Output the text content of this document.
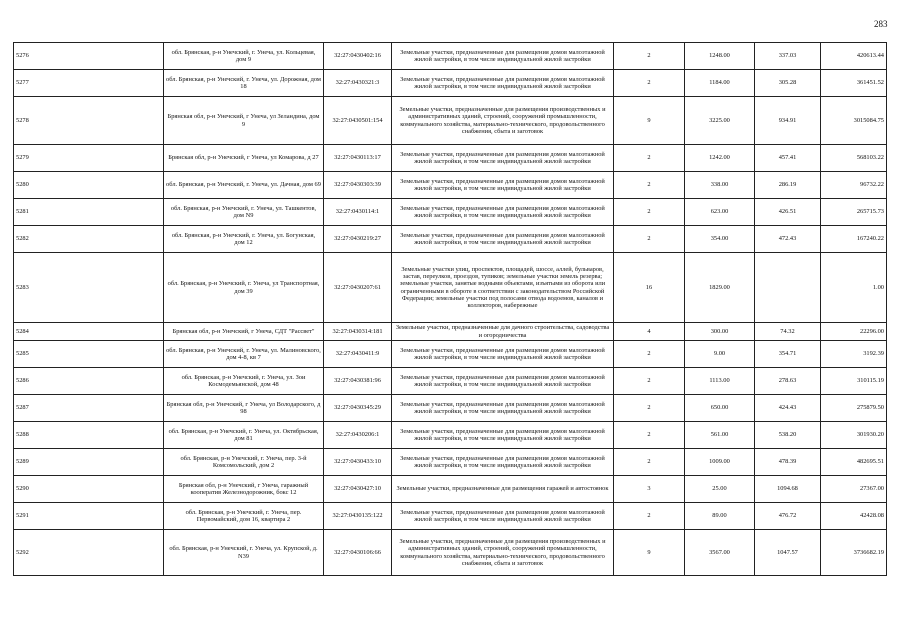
283
5276	обл. Брянская, р-н Унечский, г. Унеча, ул. Кольцевая, дом 9	32:27:0430402:16	Земельные участки, предназначенные для размещения домов малоэтажной жилой застройки, в том числе индивидуальной жилой застройки	2	1248.00	337.03	420613.44
5277	обл. Брянская, р-н Унечский, г. Унеча, ул. Дорожная, дом 18	32:27:0430321:3	Земельные участки, предназначенные для размещения домов малоэтажной жилой застройки, в том числе индивидуальной жилой застройки	2	1184.00	305.28	361451.52
5278	Брянская обл, р-н Унечский, г Унеча, ул Зеландина, дом 9	32:27:0430501:154	Земельные участки, предназначенные для размещения производственных и административных зданий, строений, сооружений промышленности, коммунального хозяйства, материально-технического, продовольственного снабжения, сбыта и заготовок	9	3225.00	934.91	3015084.75
5279	Брянская обл, р-н Унечский, г Унеча, ул Комарова, д 27	32:27:0430113:17	Земельные участки, предназначенные для размещения домов малоэтажной жилой застройки, в том числе индивидуальной жилой застройки	2	1242.00	457.41	568103.22
5280	обл. Брянская, р-н Унечский, г. Унеча, ул. Дачная, дом 69	32:27:0430303:39	Земельные участки, предназначенные для размещения домов малоэтажной жилой застройки, в том числе индивидуальной жилой застройки	2	338.00	286.19	96732.22
5281	обл. Брянская, р-н Унечский, г. Унеча, ул. Ташкентов, дом N9	32:27:0430114:1	Земельные участки, предназначенные для размещения домов малоэтажной жилой застройки, в том числе индивидуальной жилой застройки	2	623.00	426.51	265715.73
5282	обл. Брянская, р-н Унечский, г. Унеча, ул. Богунская, дом 12	32:27:0430219:27	Земельные участки, предназначенные для размещения домов малоэтажной жилой застройки, в том числе индивидуальной жилой застройки	2	354.00	472.43	167240.22
5283	обл. Брянская, р-н Унечский, г. Унеча, ул Транспортная, дом 39	32:27:0430207:61	Земельные участки улиц, проспектов, площадей, шоссе, аллей, бульваров, застав, переулков, проездов, тупиков; земельные участки земель резерва; земельные участки, занятые водными объектами, изъятыми из оборота или ограниченными в обороте в соответствии с законодательством Российской Федерации; земельные участки под полосами отвода водоемов, каналов и коллекторов, набережные	16	1829.00		1.00
5284	Брянская обл, р-н Унечский, г Унеча, СДТ "Рассвет"	32:27:0430314:181	Земельные участки, предназначенные для дачного строительства, садоводства и огородничества	4	300.00	74.32	22296.00
5285	обл. Брянская, р-н Унечский, г. Унеча, ул. Малиновского, дом 4-8, кв 7	32:27:0430411:9	Земельные участки, предназначенные для размещения домов малоэтажной жилой застройки, в том числе индивидуальной жилой застройки	2	9.00	354.71	3192.39
5286	обл. Брянская, р-н Унечский, г. Унеча, ул. Зои Космодемьянской, дом 48	32:27:0430381:96	Земельные участки, предназначенные для размещения домов малоэтажной жилой застройки, в том числе индивидуальной жилой застройки	2	1113.00	278.63	310115.19
5287	Брянская обл, р-н Унечский, г Унеча, ул Володарского, д 98	32:27:0430345:29	Земельные участки, предназначенные для размещения домов малоэтажной жилой застройки, в том числе индивидуальной жилой застройки	2	650.00	424.43	275879.50
5288	обл. Брянская, р-н Унечский, г. Унеча, ул. Октябрьская, дом 81	32:27:0430206:1	Земельные участки, предназначенные для размещения домов малоэтажной жилой застройки, в том числе индивидуальной жилой застройки	2	561.00	538.20	301930.20
5289	обл. Брянская, р-н Унечский, г. Унеча, пер. 3-й Комсомольский, дом 2	32:27:0430433:10	Земельные участки, предназначенные для размещения домов малоэтажной жилой застройки, в том числе индивидуальной жилой застройки	2	1009.00	478.39	482695.51
5290	Брянская обл, р-н Унечский, г Унеча, гаражный кооператив Железнодорожник, бокс 12	32:27:0430427:10	Земельные участки, предназначенные для размещения гаражей и автостоянок	3	25.00	1094.68	27367.00
5291	обл. Брянская, р-н Унечский, г. Унеча, пер. Первомайский, дом 16, квартира 2	32:27:0430135:122	Земельные участки, предназначенные для размещения домов малоэтажной жилой застройки, в том числе индивидуальной жилой застройки	2	89.00	476.72	42428.08
5292	обл. Брянская, р-н Унечский, г. Унеча, ул. Крупской, д. N39	32:27:0430106:66	Земельные участки, предназначенные для размещения производственных и административных зданий, строений, сооружений промышленности, коммунального хозяйства, материально-технического, продовольственного снабжения, сбыта и заготовок	9	3567.00	1047.57	3736682.19
